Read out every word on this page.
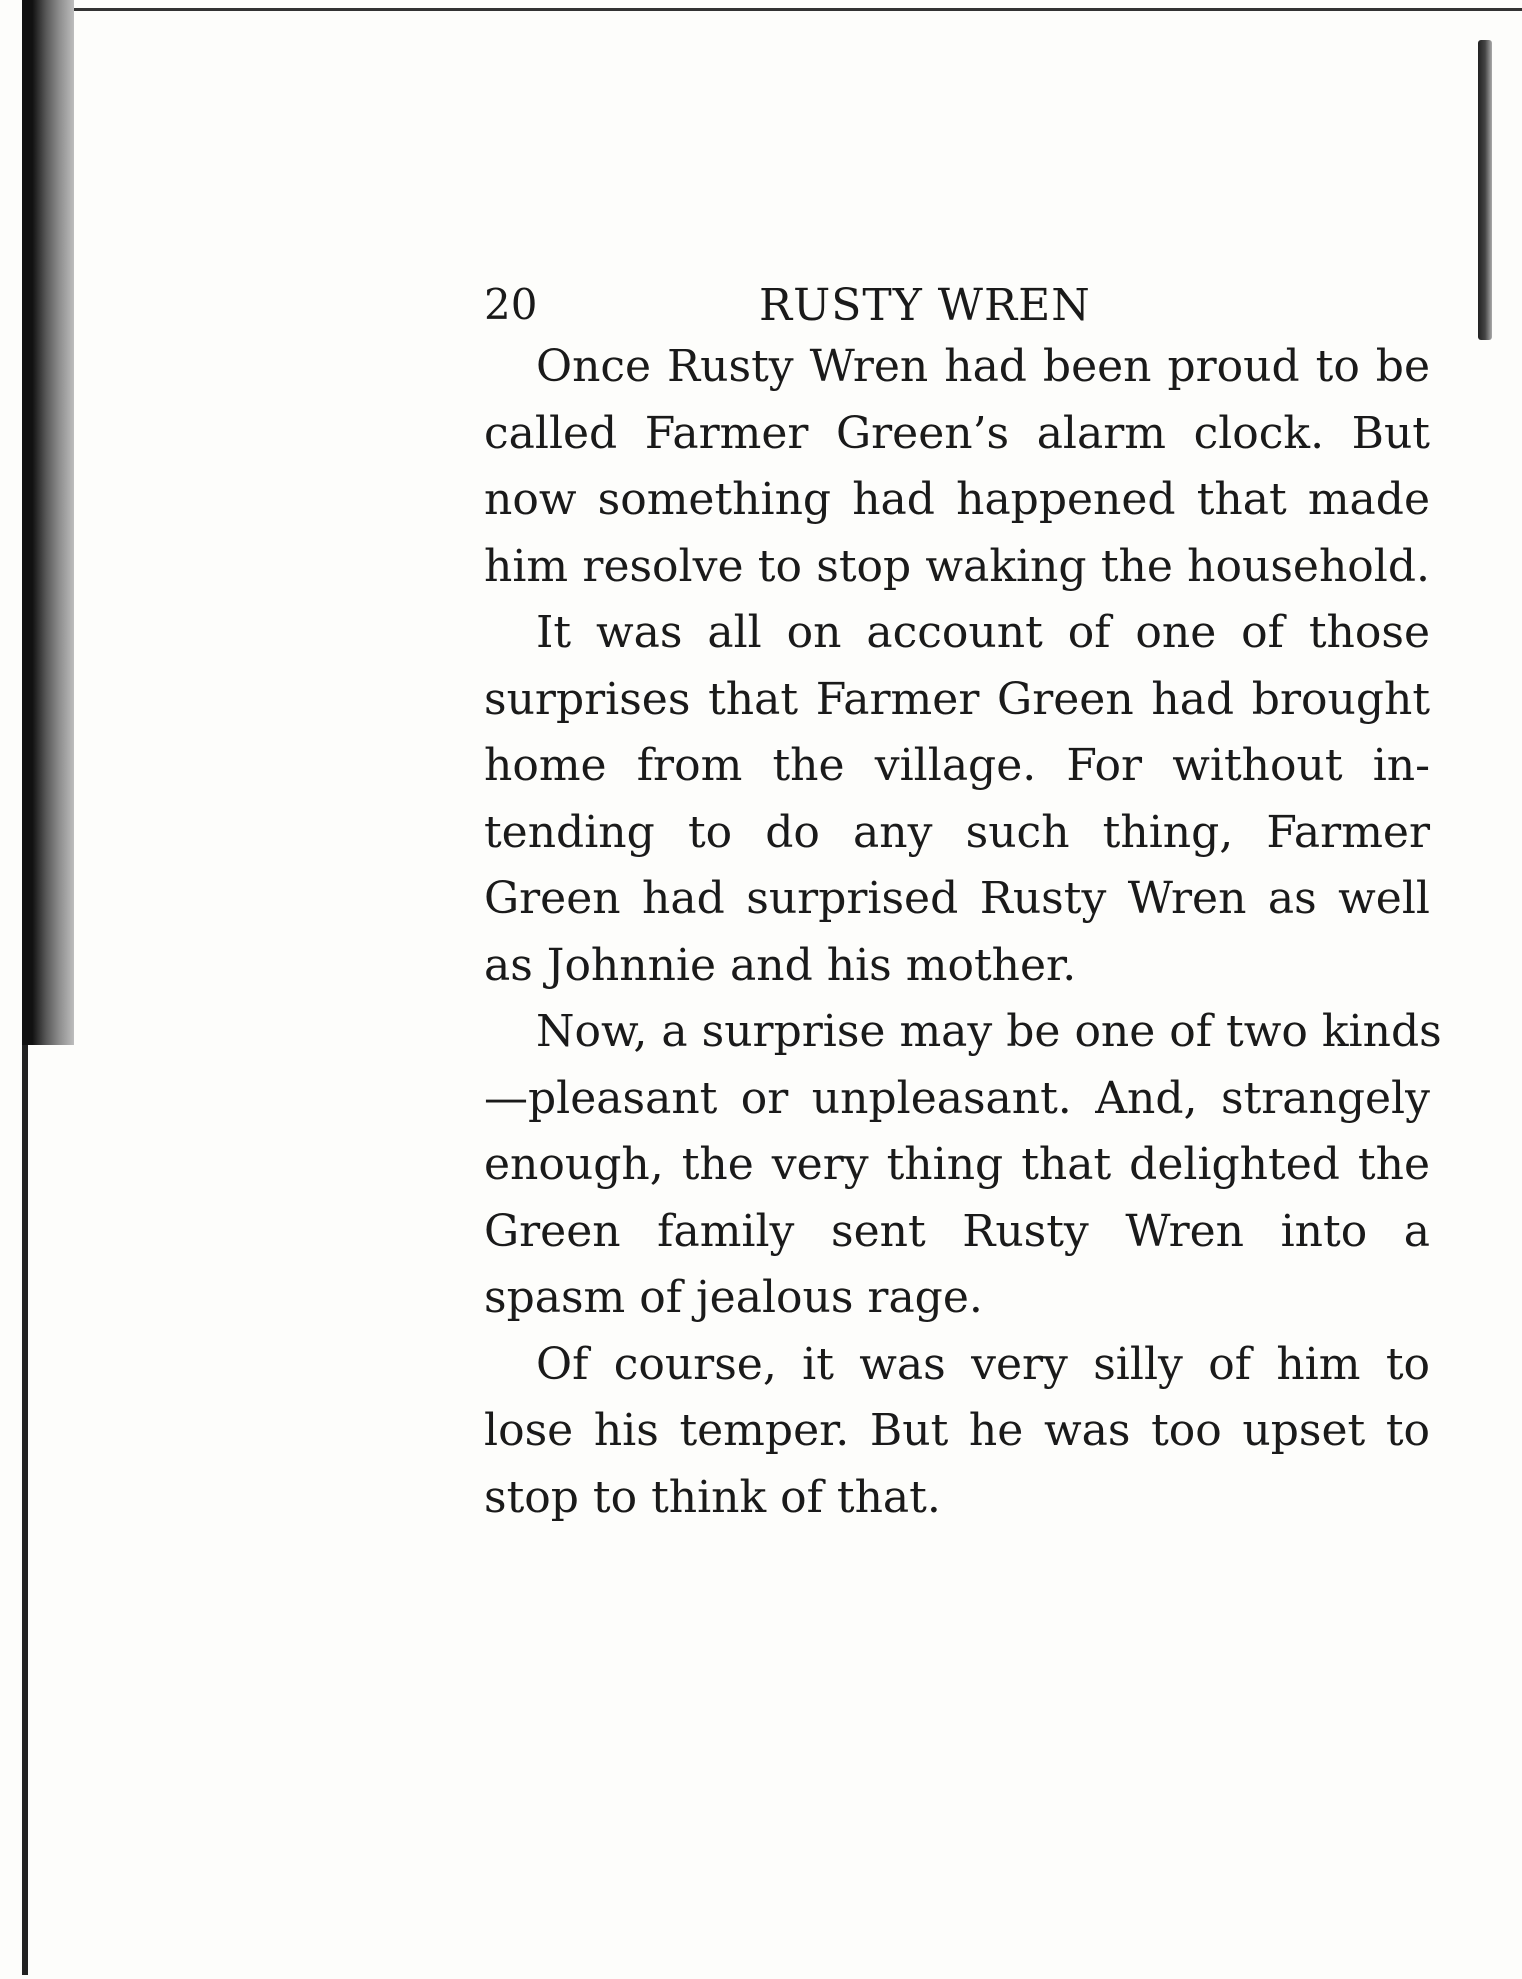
20	RUSTY WREN

Once Rusty Wren had been proud to be
called Farmer Green’s alarm clock. But
now something had happened that made
him resolve to stop waking the household.

It was all on account of one of those
surprises that Farmer Green had brought
home from the village. For without in-
tending to do any such thing, Farmer
Green had surprised Rusty Wren as well
as Johnnie and his mother.

Now, a surprise may be one of two kinds
—pleasant or unpleasant. And, strangely
enough, the very thing that delighted the
Green family sent Rusty Wren into a
spasm of jealous rage.

Of course, it was very silly of him to
lose his temper. But he was too upset to
stop to think of that.
